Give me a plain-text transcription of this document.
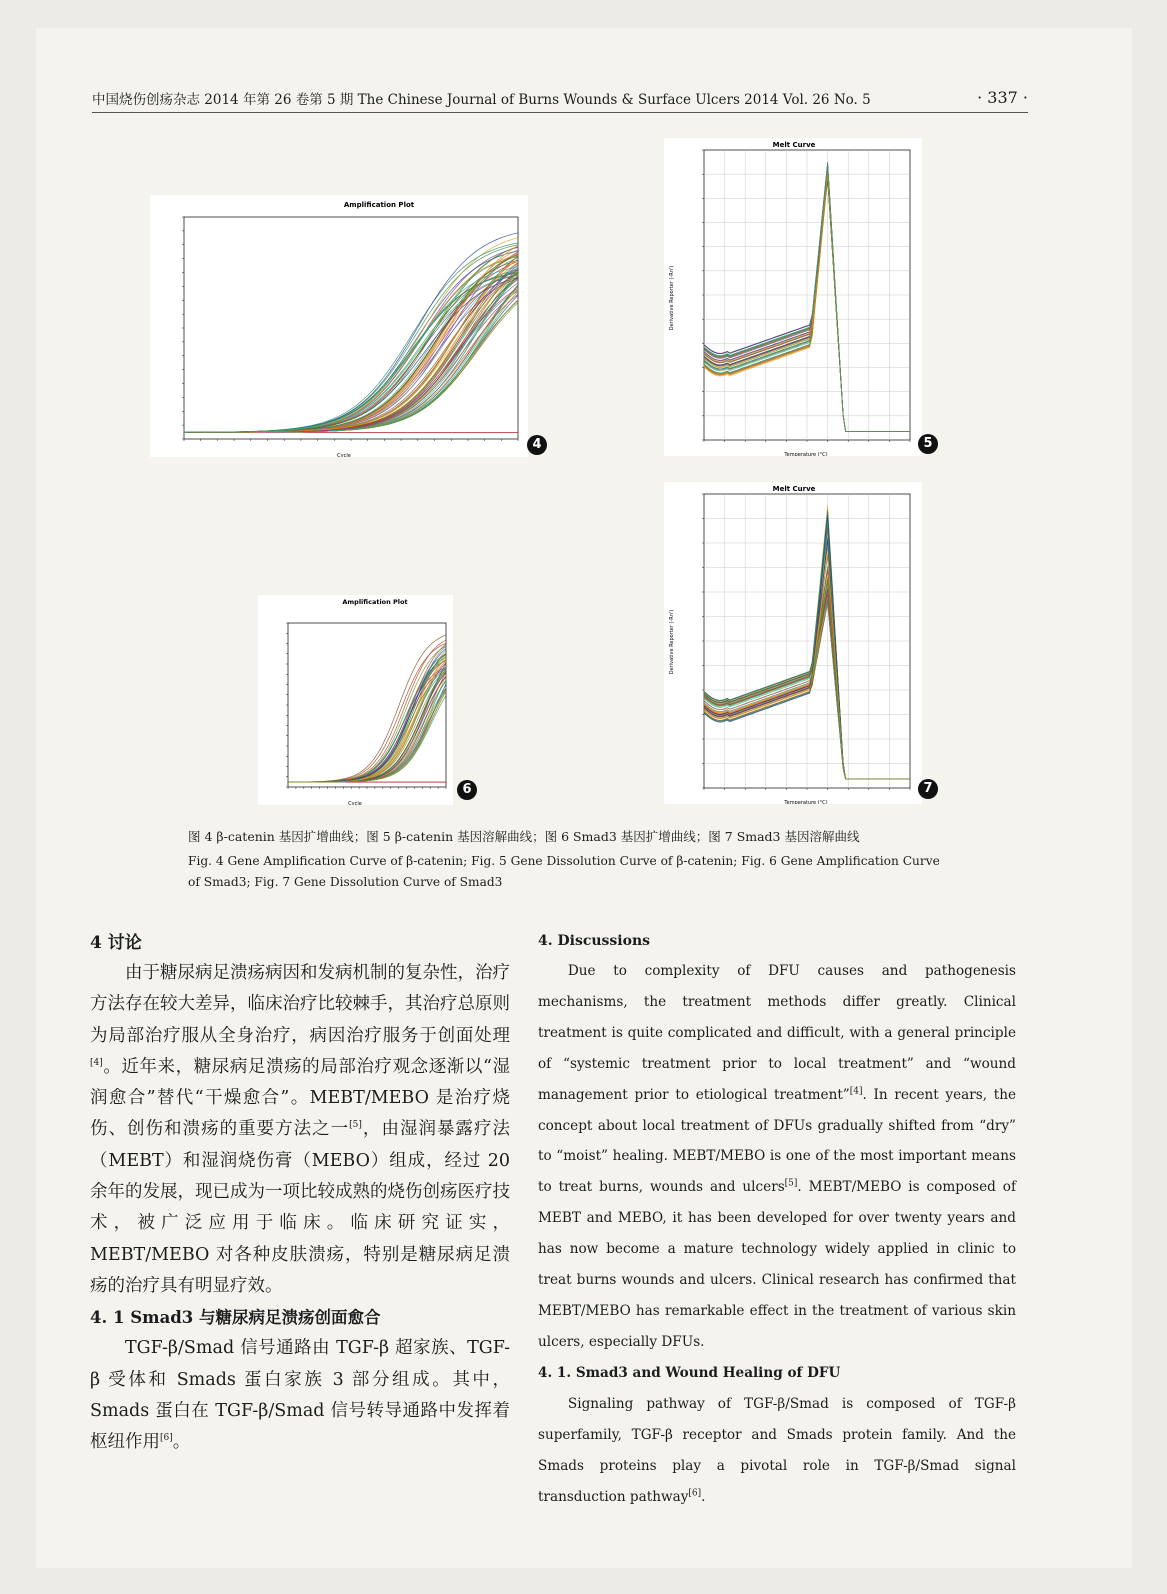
中国烧伤创疡杂志 2014 年第 26 卷第 5 期 The Chinese Journal of Burns Wounds & Surface Ulcers 2014 Vol. 26 No. 5	· 337 ·
Amplification Plot
Cycle
4
Melt Curve
Temperature (°C)
Derivative Reporter (-Rn')
5
Amplification Plot
Cycle
6
Melt Curve
Temperature (°C)
Derivative Reporter (-Rn')
7

图 4 β-catenin 基因扩增曲线；图 5 β-catenin 基因溶解曲线；图 6 Smad3 基因扩增曲线；图 7 Smad3 基因溶解曲线

Fig. 4 Gene Amplification Curve of β-catenin; Fig. 5 Gene Dissolution Curve of β-catenin; Fig. 6 Gene Amplification Curve of Smad3; Fig. 7 Gene Dissolution Curve of Smad3

4 讨论

由于糖尿病足溃疡病因和发病机制的复杂性，治疗方法存在较大差异，临床治疗比较棘手，其治疗总原则为局部治疗服从全身治疗，病因治疗服务于创面处理[4]。近年来，糖尿病足溃疡的局部治疗观念逐渐以“湿润愈合”替代“干燥愈合”。MEBT/MEBO 是治疗烧伤、创伤和溃疡的重要方法之一[5]，由湿润暴露疗法（MEBT）和湿润烧伤膏（MEBO）组成，经过 20 余年的发展，现已成为一项比较成熟的烧伤创疡医疗技术，被广泛应用于临床。临床研究证实，MEBT/MEBO 对各种皮肤溃疡，特别是糖尿病足溃疡的治疗具有明显疗效。

4. 1 Smad3 与糖尿病足溃疡创面愈合

TGF-β/Smad 信号通路由 TGF-β 超家族、TGF-β 受体和 Smads 蛋白家族 3 部分组成。其中，Smads 蛋白在 TGF-β/Smad 信号转导通路中发挥着枢纽作用[6]。

4. Discussions

Due to complexity of DFU causes and pathogenesis mechanisms, the treatment methods differ greatly. Clinical treatment is quite complicated and difficult, with a general principle of “systemic treatment prior to local treatment” and “wound management prior to etiological treatment”[4]. In recent years, the concept about local treatment of DFUs gradually shifted from “dry” to “moist” healing. MEBT/MEBO is one of the most important means to treat burns, wounds and ulcers[5]. MEBT/MEBO is composed of MEBT and MEBO, it has been developed for over twenty years and has now become a mature technology widely applied in clinic to treat burns wounds and ulcers. Clinical research has confirmed that MEBT/MEBO has remarkable effect in the treatment of various skin ulcers, especially DFUs.

4. 1. Smad3 and Wound Healing of DFU

Signaling pathway of TGF-β/Smad is composed of TGF-β superfamily, TGF-β receptor and Smads protein family. And the Smads proteins play a pivotal role in TGF-β/Smad signal transduction pathway[6].
